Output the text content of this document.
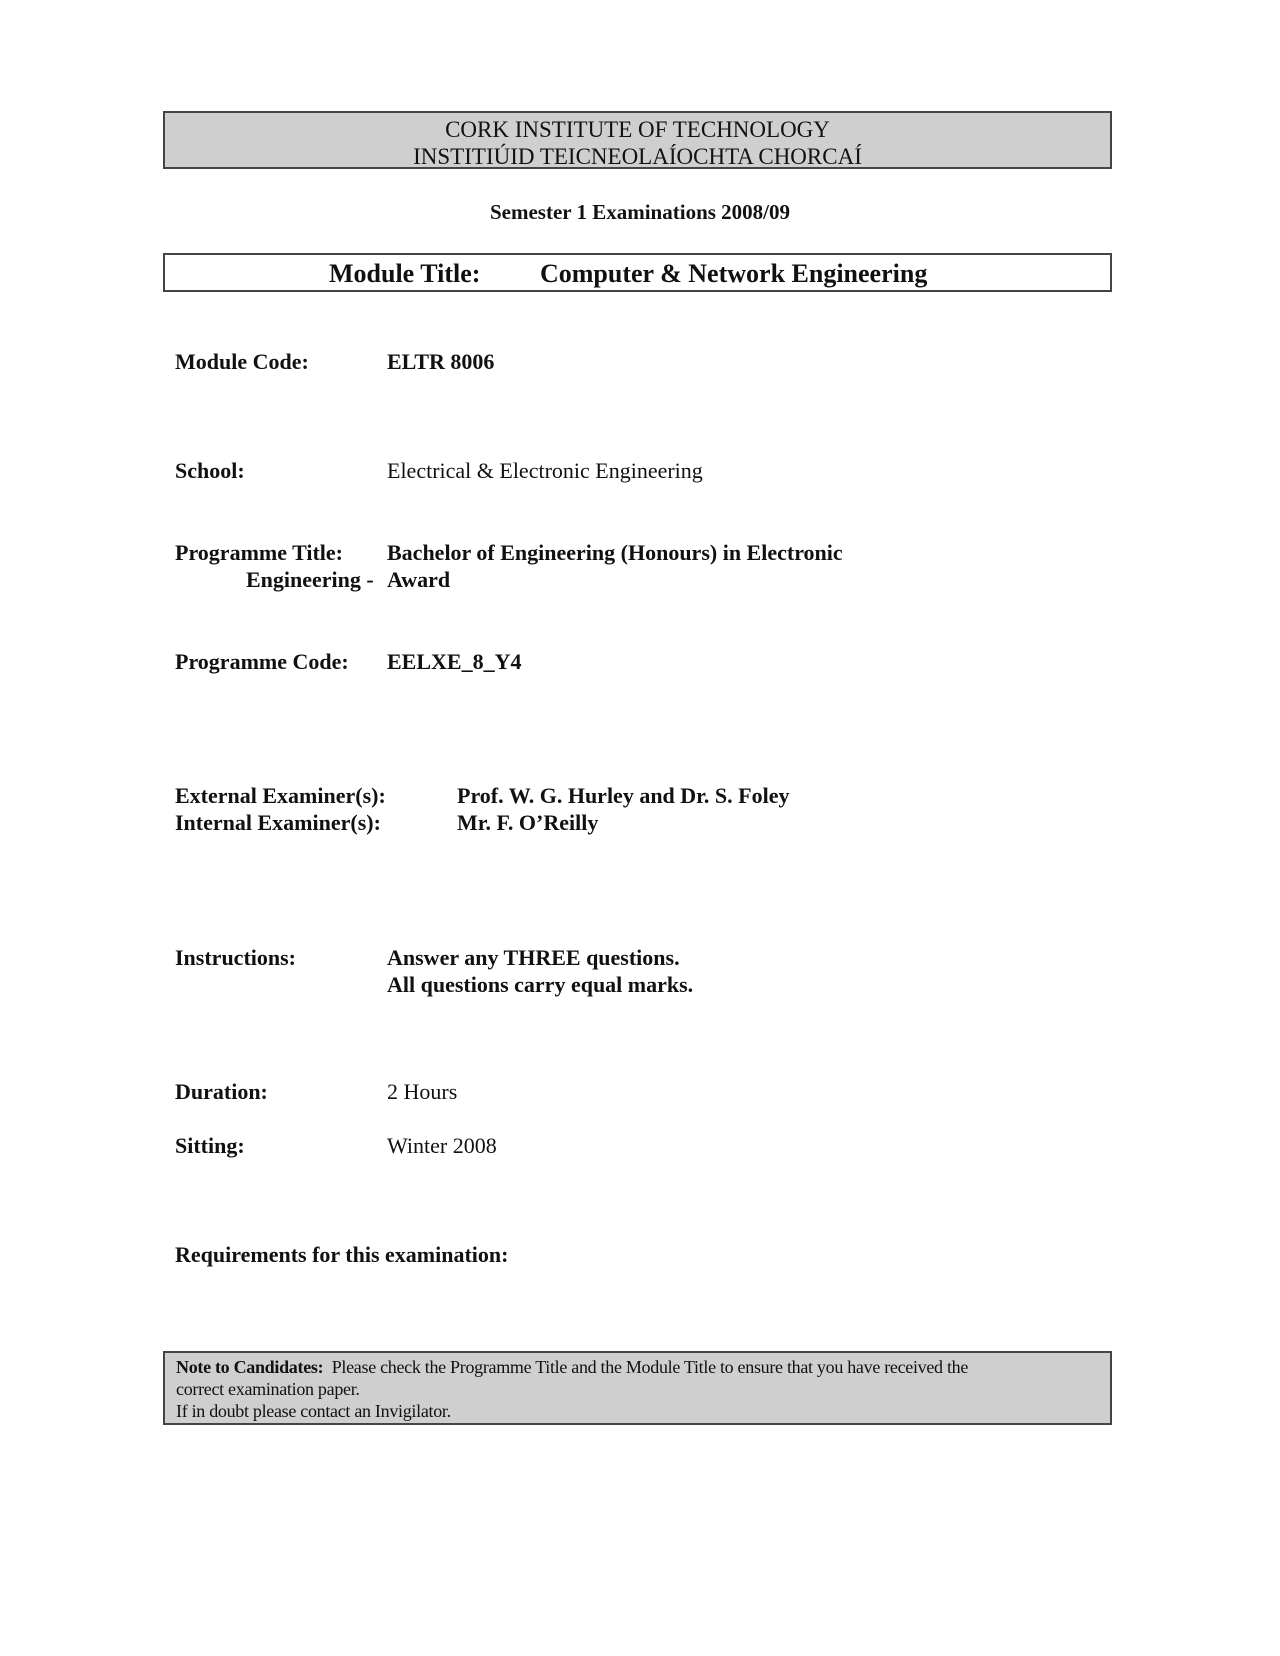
CORK INSTITUTE OF TECHNOLOGY
INSTITIÚID TEICNEOLAÍOCHTA CHORCAÍ
Semester 1 Examinations 2008/09
Module Title: Computer & Network Engineering
Module Code:	ELTR 8006
School:	Electrical & Electronic Engineering
Programme Title: Bachelor of Engineering (Honours) in Electronic
Engineering - Award
Programme Code: EELXE_8_Y4
External Examiner(s):	Prof. W. G. Hurley and Dr. S. Foley
Internal Examiner(s):	Mr. F. O’Reilly
Instructions:	Answer any THREE questions.
All questions carry equal marks.
Duration:	2 Hours
Sitting:	Winter 2008
Requirements for this examination:
Note to Candidates: Please check the Programme Title and the Module Title to ensure that you have received the
correct examination paper.
If in doubt please contact an Invigilator.
